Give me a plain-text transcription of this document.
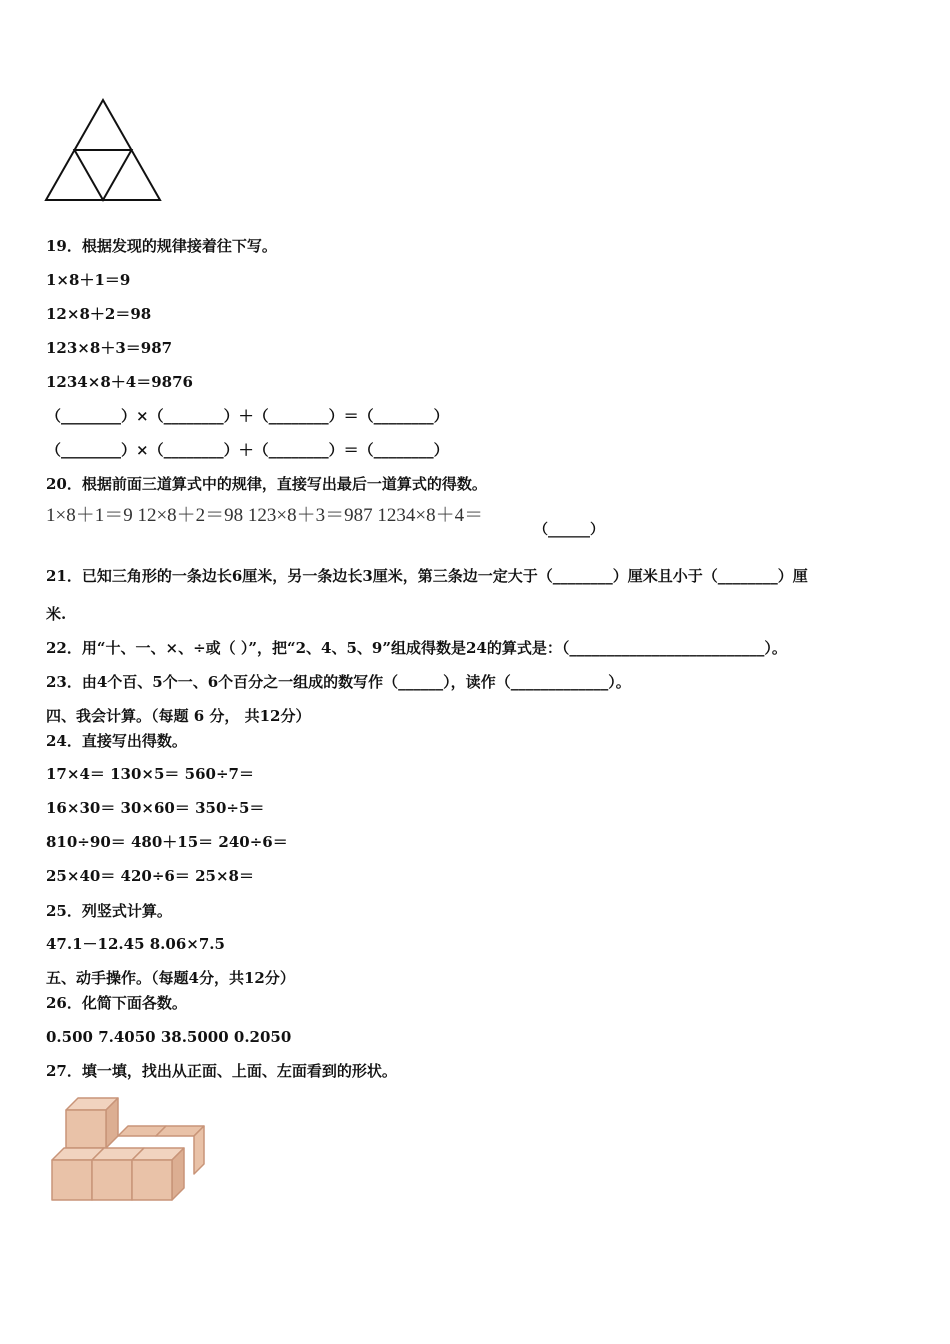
19．根据发现的规律接着往下写。
1×8＋1＝9
12×8＋2＝98
123×8＋3＝987
1234×8＋4＝9876
（________）×（________）＋（________）＝（________）
（________）×（________）＋（________）＝（________）
20．根据前面三道算式中的规律，直接写出最后一道算式的得数。
1×8＋1＝9 12×8＋2＝98 123×8＋3＝987 1234×8＋4＝
（______）
21．已知三角形的一条边长6厘米，另一条边长3厘米，第三条边一定大于（________）厘米且小于（________）厘
米.
22．用“十、一、×、÷或（ ）”，把“2、4、5、9”组成得数是24的算式是：（__________________________）。
23．由4个百、5个一、6个百分之一组成的数写作（______），读作（_____________）。
四、我会计算。（每题 6 分， 共12分）
24．直接写出得数。
17×4＝ 130×5＝ 560÷7＝
16×30＝ 30×60＝ 350÷5＝
810÷90＝ 480＋15＝ 240÷6＝
25×40＝ 420÷6＝ 25×8＝
25．列竖式计算。
47.1－12.45 8.06×7.5
五、动手操作。（每题4分，共12分）
26．化简下面各数。
0.500 7.4050 38.5000 0.2050
27．填一填，找出从正面、上面、左面看到的形状。
